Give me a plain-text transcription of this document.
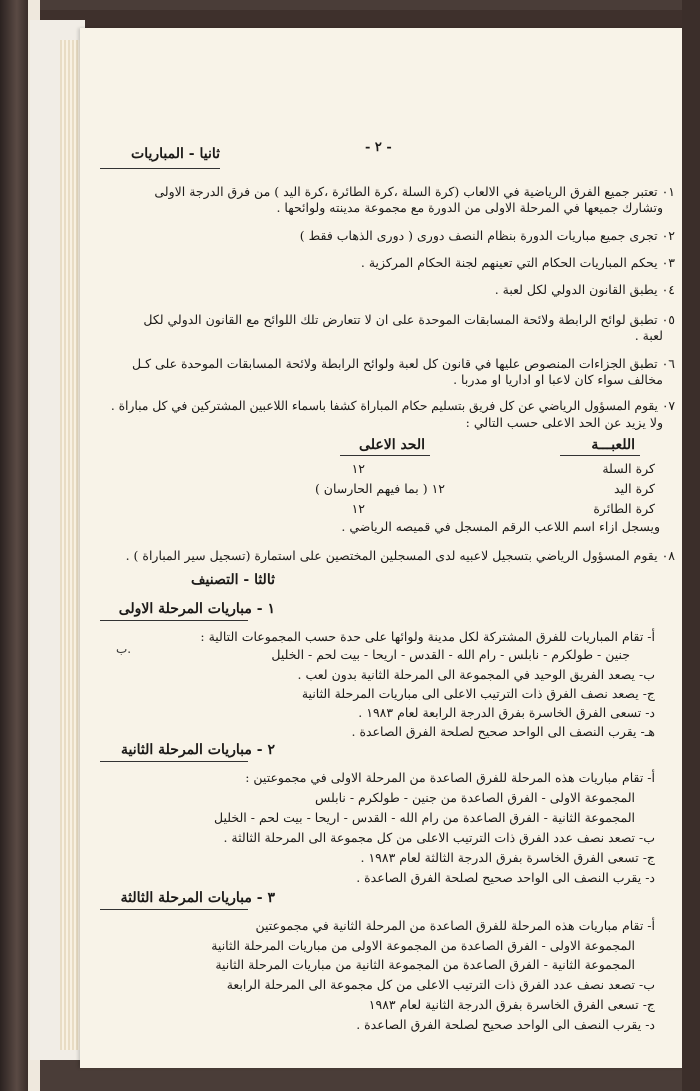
ب.
- ٢ -
ثانيا - المباريات
٠١ تعتبر جميع الفرق الرياضية في الالعاب (كرة السلة ،كرة الطائرة ،كرة اليد ) من فرق الدرجة الاولى
وتشارك جميعها في المرحلة الاولى من الدورة مع مجموعة مدينته ولوائحها .
٠٢ تجرى جميع مباريات الدورة بنظام النصف دورى ( دورى الذهاب فقط )
٠٣ يحكم المباريات الحكام التي تعينهم لجنة الحكام المركزية .
٠٤ يطبق القانون الدولي لكل لعبة .
٠٥ تطبق لوائح الرابطة ولائحة المسابقات الموحدة على ان لا تتعارض تلك اللوائح مع القانون الدولي لكل
لعبة .
٠٦ تطبق الجزاءات المنصوص عليها في قانون كل لعبة ولوائح الرابطة ولائحة المسابقات الموحدة على كـل
مخالف سواء كان لاعبا او اداريا او مدربا .
٠٧ يقوم المسؤول الرياضي عن كل فريق بتسليم حكام المباراة كشفا باسماء اللاعبين المشتركين في كل مباراة .
ولا يزيد عن الحد الاعلى حسب التالي :
اللعبـــة
الحد الاعلى
كرة السلة
١٢
كرة اليد
١٢ ( بما فيهم الحارسان )
كرة الطائرة
١٢
ويسجل ازاء اسم اللاعب الرقم المسجل في قميصه الرياضي .
٠٨ يقوم المسؤول الرياضي بتسجيل لاعبيه لدى المسجلين المختصين على استمارة (تسجيل سير المباراة ) .
ثالثا - التصنيف
١ - مباريات المرحلة الاولى
أ- تقام المباريات للفرق المشتركة لكل مدينة ولوائها على حدة حسب المجموعات التالية :
جنين - طولكرم - نابلس - رام الله - القدس - اريحا - بيت لحم - الخليل
ب- يصعد الفريق الوحيد في المجموعة الى المرحلة الثانية بدون لعب .
ج- يصعد نصف الفرق ذات الترتيب الاعلى الى مباريات المرحلة الثانية
د- تسعى الفرق الخاسرة بفرق الدرجة الرابعة لعام ١٩٨٣ .
هـ- يقرب النصف الى الواحد صحيح لصلحة الفرق الصاعدة .
٢ - مباريات المرحلة الثانية
أ- تقام مباريات هذه المرحلة للفرق الصاعدة من المرحلة الاولى في مجموعتين :
المجموعة الاولى - الفرق الصاعدة من جنين - طولكرم - نابلس
المجموعة الثانية - الفرق الصاعدة من رام الله - القدس - اريحا - بيت لحم - الخليل
ب- تصعد نصف عدد الفرق ذات الترتيب الاعلى من كل مجموعة الى المرحلة الثالثة .
ج- تسعى الفرق الخاسرة بفرق الدرجة الثالثة لعام ١٩٨٣ .
د- يقرب النصف الى الواحد صحيح لصلحة الفرق الصاعدة .
٣ - مباريات المرحلة الثالثة
أ- تقام مباريات هذه المرحلة للفرق الصاعدة من المرحلة الثانية في مجموعتين
المجموعة الاولى - الفرق الصاعدة من المجموعة الاولى من مباريات المرحلة الثانية
المجموعة الثانية - الفرق الصاعدة من المجموعة الثانية من مباريات المرحلة الثانية
ب- تصعد نصف عدد الفرق ذات الترتيب الاعلى من كل مجموعة الى المرحلة الرابعة
ج- تسعى الفرق الخاسرة بفرق الدرجة الثانية لعام ١٩٨٣
د- يقرب النصف الى الواحد صحيح لصلحة الفرق الصاعدة .
